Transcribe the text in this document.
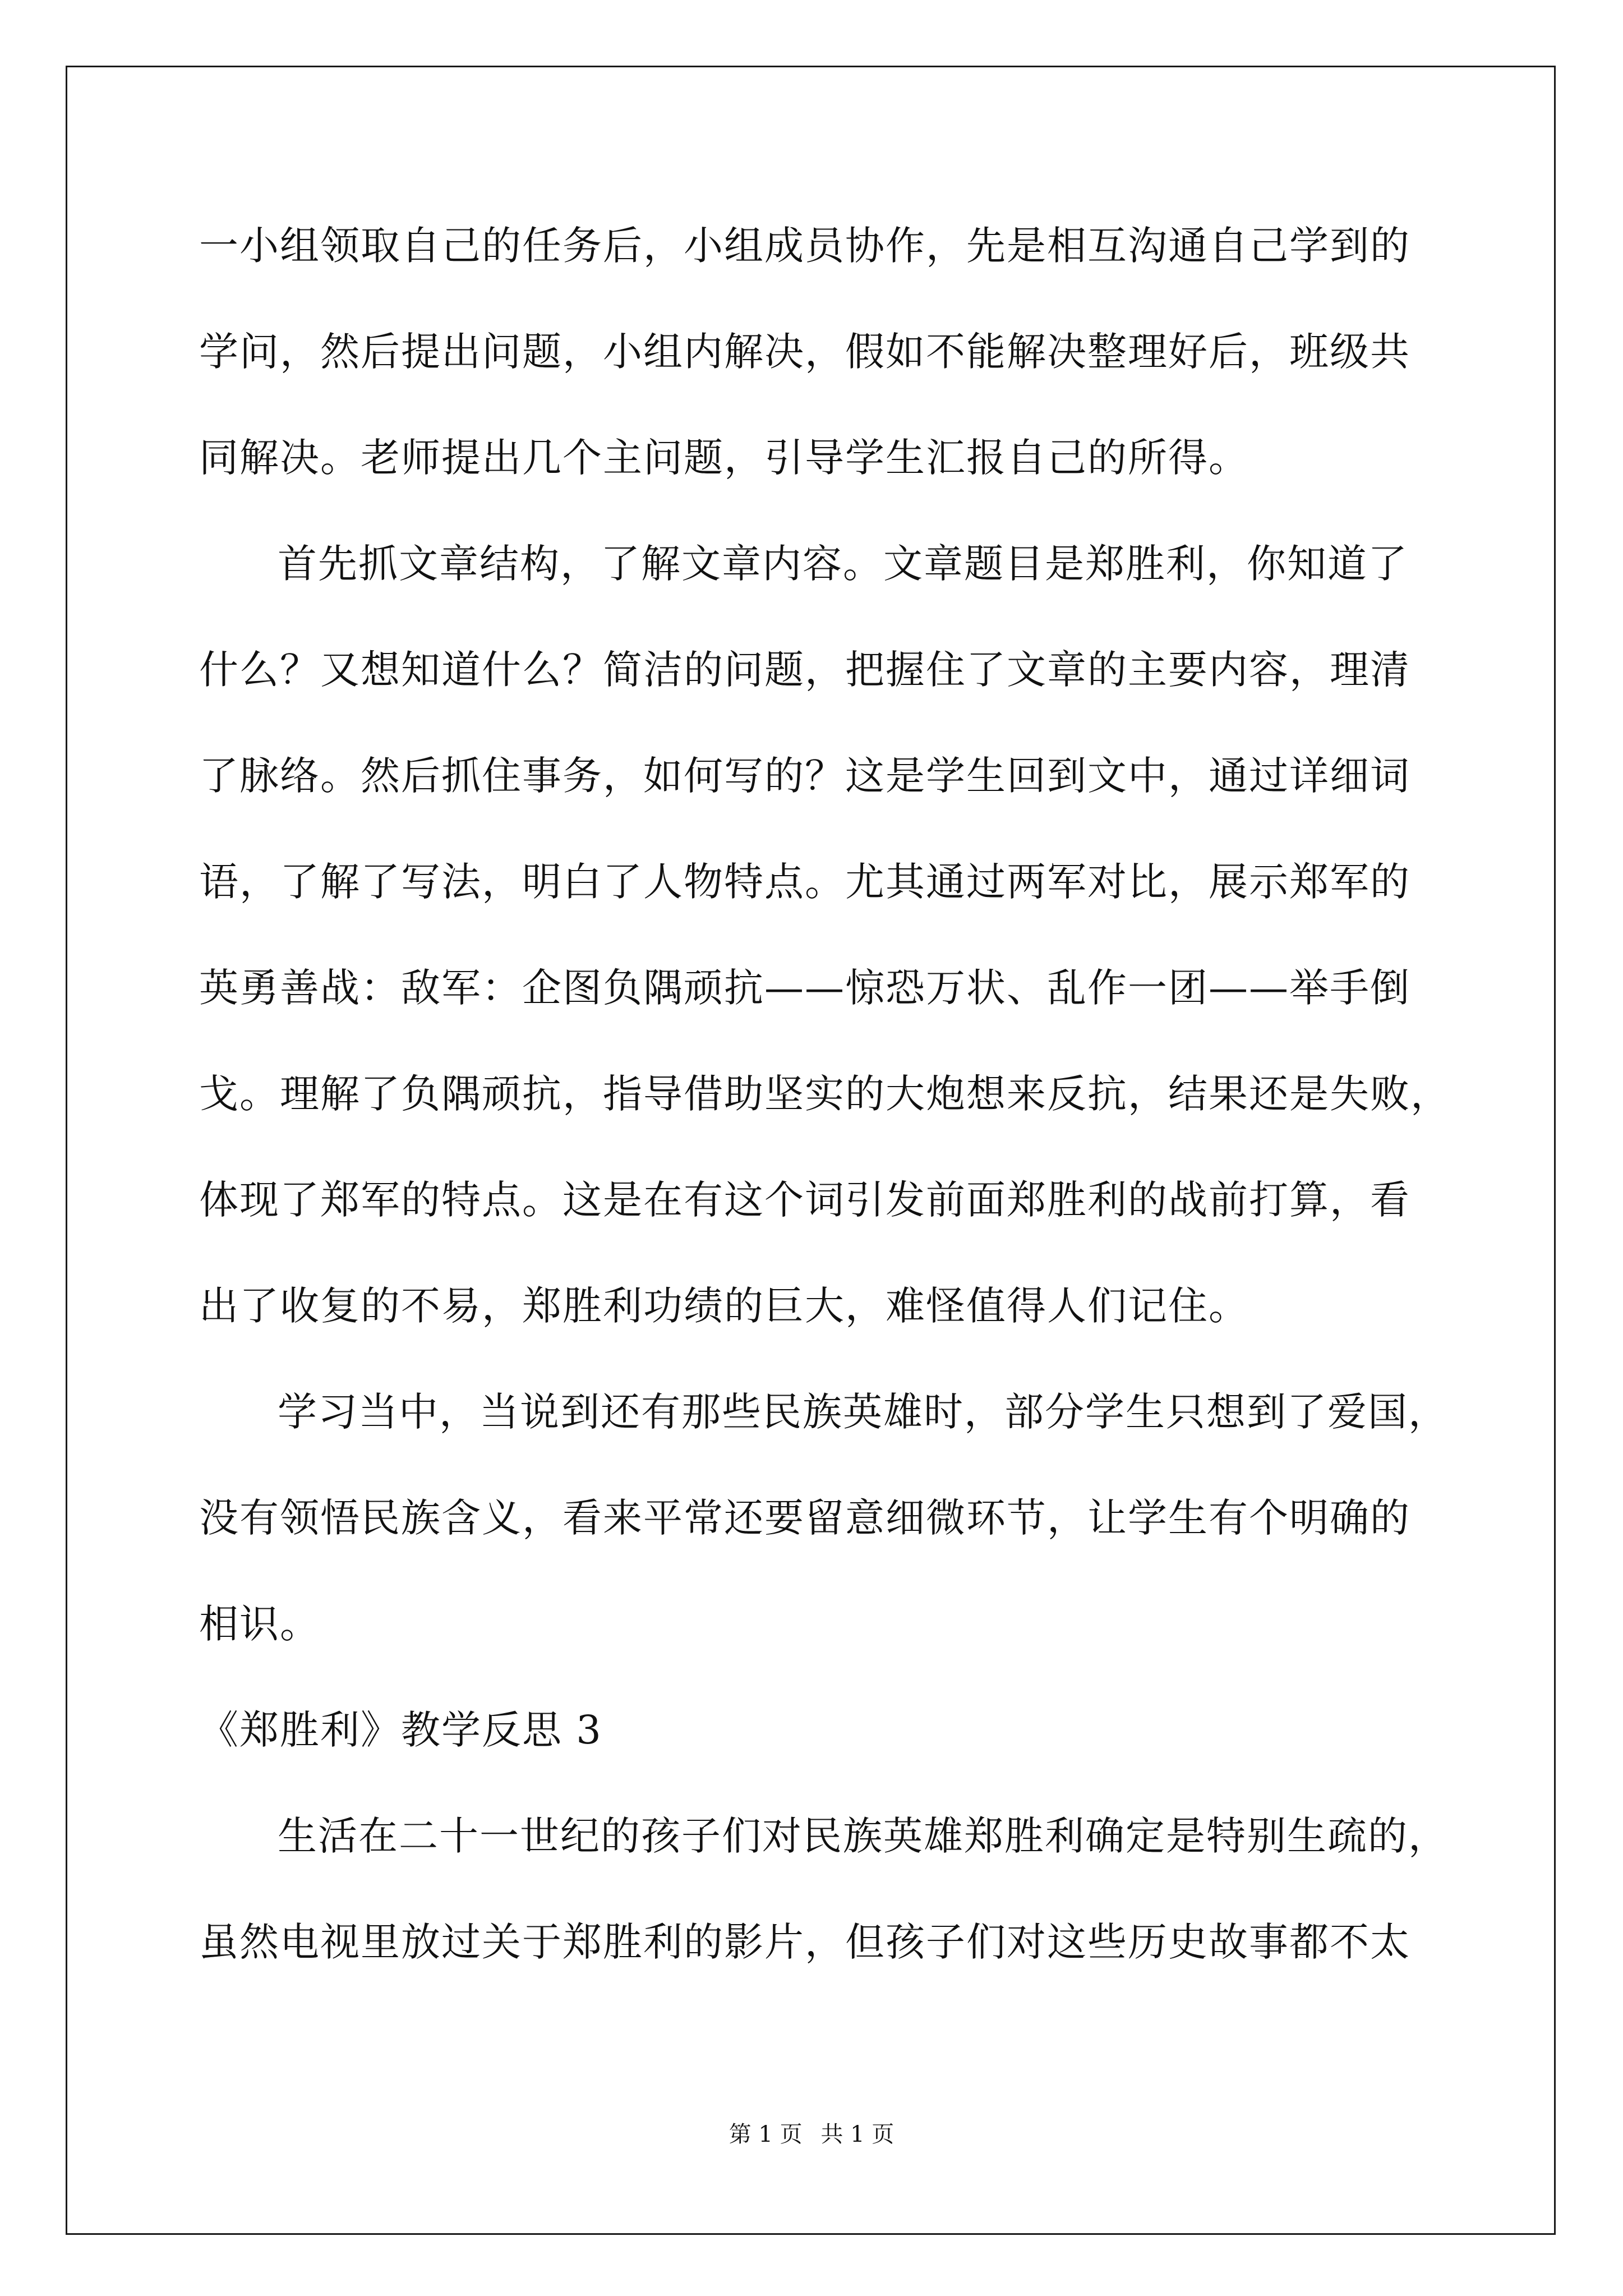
一小组领取自己的任务后，小组成员协作，先是相互沟通自己学到的
学问，然后提出问题，小组内解决，假如不能解决整理好后，班级共
同解决。老师提出几个主问题，引导学生汇报自己的所得。
首先抓文章结构，了解文章内容。文章题目是郑胜利，你知道了
什么？又想知道什么？简洁的问题，把握住了文章的主要内容，理清
了脉络。然后抓住事务，如何写的？这是学生回到文中，通过详细词
语，了解了写法，明白了人物特点。尤其通过两军对比，展示郑军的
英勇善战：敌军：企图负隅顽抗——惊恐万状、乱作一团——举手倒
戈。理解了负隅顽抗，指导借助坚实的大炮想来反抗，结果还是失败，
体现了郑军的特点。这是在有这个词引发前面郑胜利的战前打算，看
出了收复的不易，郑胜利功绩的巨大，难怪值得人们记住。
学习当中，当说到还有那些民族英雄时，部分学生只想到了爱国，
没有领悟民族含义，看来平常还要留意细微环节，让学生有个明确的
相识。
《郑胜利》教学反思 3
生活在二十一世纪的孩子们对民族英雄郑胜利确定是特别生疏的，
虽然电视里放过关于郑胜利的影片，但孩子们对这些历史故事都不太
第 1 页 共 1 页
